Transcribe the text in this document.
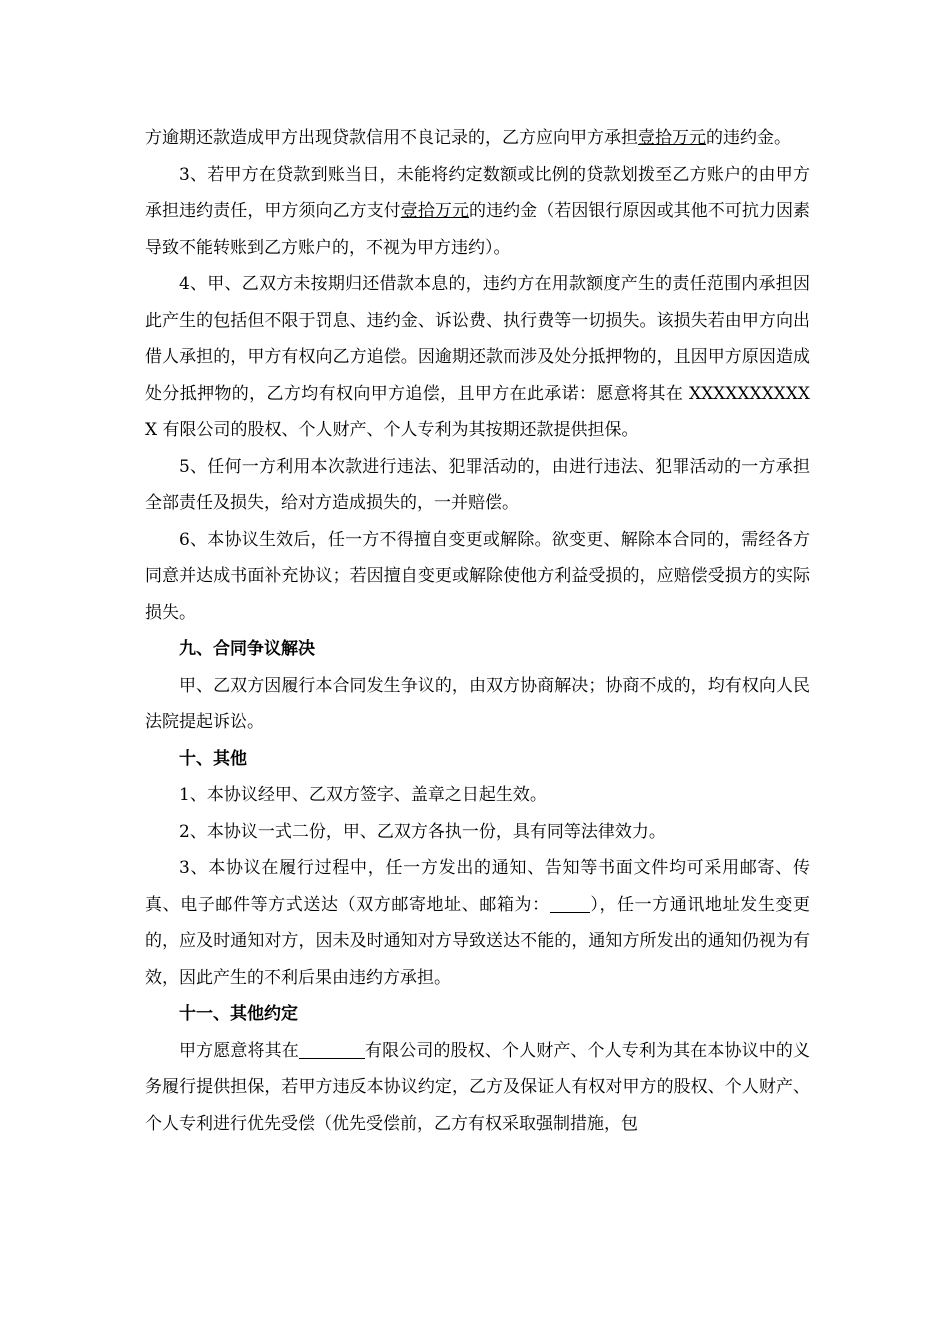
方逾期还款造成甲方出现贷款信用不良记录的，乙方应向甲方承担壹拾万元的违约金。

3、若甲方在贷款到账当日，未能将约定数额或比例的贷款划拨至乙方账户的由甲方承担违约责任，甲方须向乙方支付壹拾万元的违约金（若因银行原因或其他不可抗力因素导致不能转账到乙方账户的，不视为甲方违约）。

4、甲、乙双方未按期归还借款本息的，违约方在用款额度产生的责任范围内承担因此产生的包括但不限于罚息、违约金、诉讼费、执行费等一切损失。该损失若由甲方向出借人承担的，甲方有权向乙方追偿。因逾期还款而涉及处分抵押物的，且因甲方原因造成处分抵押物的，乙方均有权向甲方追偿，且甲方在此承诺：愿意将其在 XXXXXXXXXXX 有限公司的股权、个人财产、个人专利为其按期还款提供担保。

5、任何一方利用本次款进行违法、犯罪活动的，由进行违法、犯罪活动的一方承担全部责任及损失，给对方造成损失的，一并赔偿。

6、本协议生效后，任一方不得擅自变更或解除。欲变更、解除本合同的，需经各方同意并达成书面补充协议；若因擅自变更或解除使他方利益受损的，应赔偿受损方的实际损失。

九、合同争议解决

甲、乙双方因履行本合同发生争议的，由双方协商解决；协商不成的，均有权向人民法院提起诉讼。

十、其他

1、本协议经甲、乙双方签字、盖章之日起生效。

2、本协议一式二份，甲、乙双方各执一份，具有同等法律效力。

3、本协议在履行过程中，任一方发出的通知、告知等书面文件均可采用邮寄、传真、电子邮件等方式送达（双方邮寄地址、邮箱为： ），任一方通讯地址发生变更的，应及时通知对方，因未及时通知对方导致送达不能的，通知方所发出的通知仍视为有效，因此产生的不利后果由违约方承担。

十一、其他约定

甲方愿意将其在	有限公司的股权、个人财产、个人专利为其在本协议中的义务履行提供担保，若甲方违反本协议约定，乙方及保证人有权对甲方的股权、个人财产、个人专利进行优先受偿（优先受偿前，乙方有权采取强制措施，包
